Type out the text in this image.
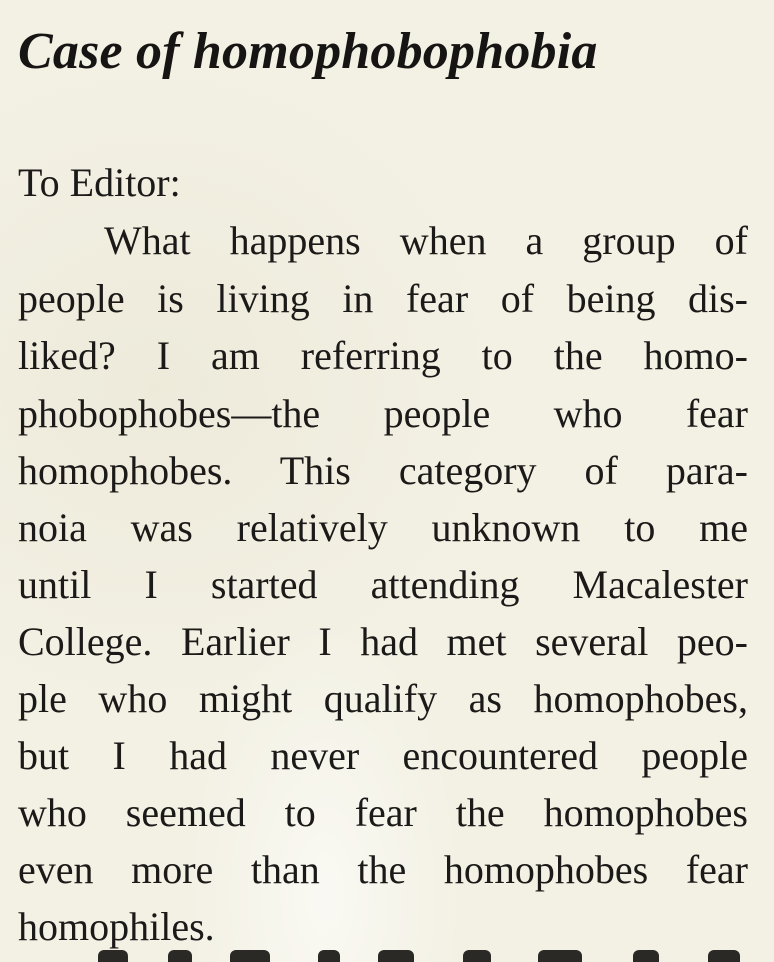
Case of homophobophobia

To Editor:

What happens when a group of

people is living in fear of being dis-

liked? I am referring to the homo-

phobophobes—the people who fear

homophobes. This category of para-

noia was relatively unknown to me

until I started attending Macalester

College. Earlier I had met several peo-

ple who might qualify as homophobes,

but I had never encountered people

who seemed to fear the homophobes

even more than the homophobes fear

homophiles.
